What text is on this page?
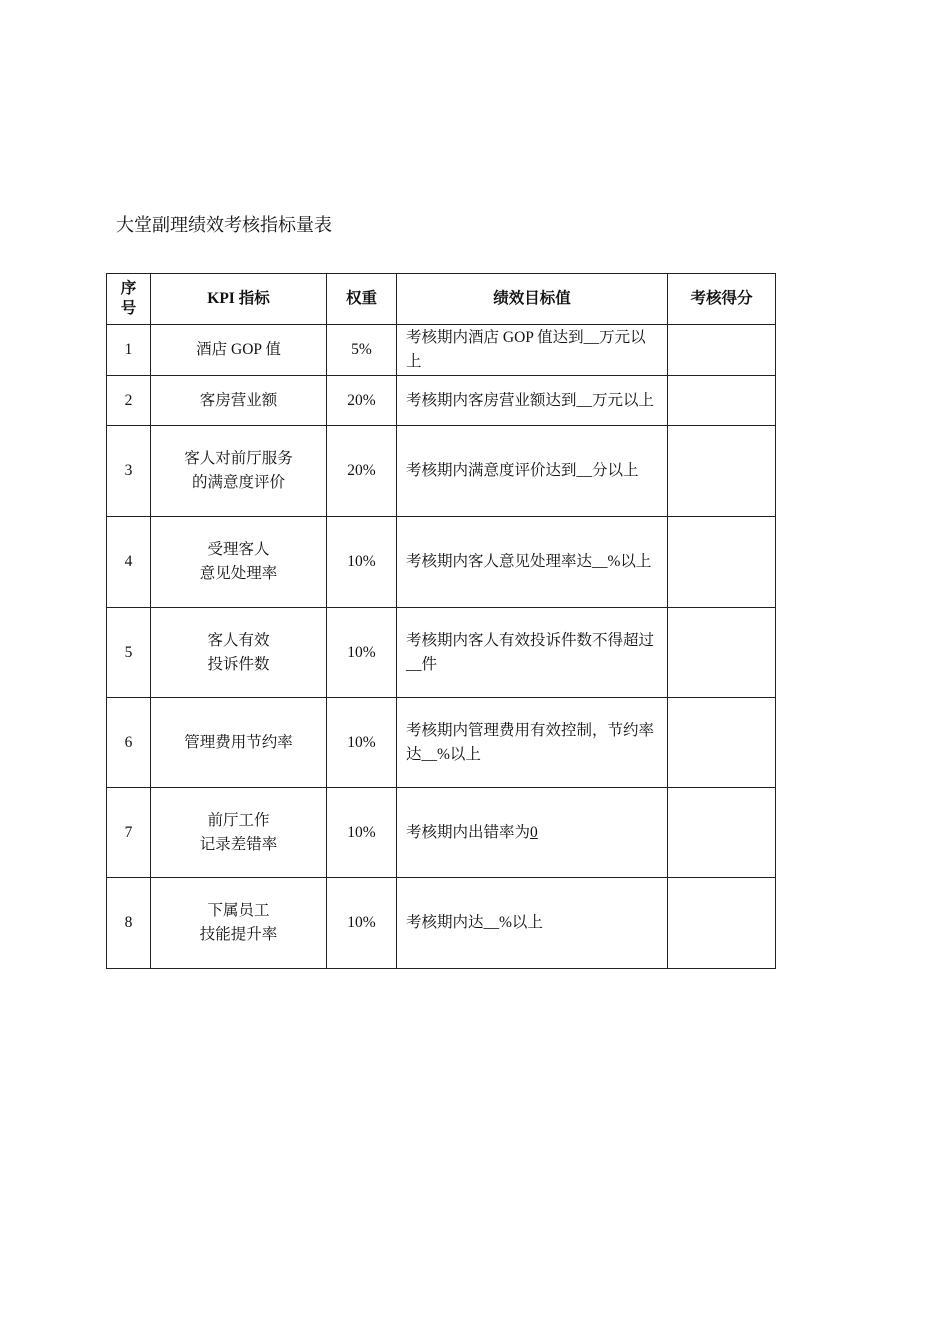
大堂副理绩效考核指标量表
序
号	KPI 指标	权重	绩效目标值	考核得分
1	酒店 GOP 值	5%	考核期内酒店 GOP 值达到__万元以上	
2	客房营业额	20%	考核期内客房营业额达到__万元以上	
3	客人对前厅服务
的满意度评价	20%	考核期内满意度评价达到__分以上	
4	受理客人
意见处理率	10%	考核期内客人意见处理率达__%以上	
5	客人有效
投诉件数	10%	考核期内客人有效投诉件数不得超过__件	
6	管理费用节约率	10%	考核期内管理费用有效控制，节约率达__%以上	
7	前厅工作
记录差错率	10%	考核期内出错率为0	
8	下属员工
技能提升率	10%	考核期内达__%以上	
